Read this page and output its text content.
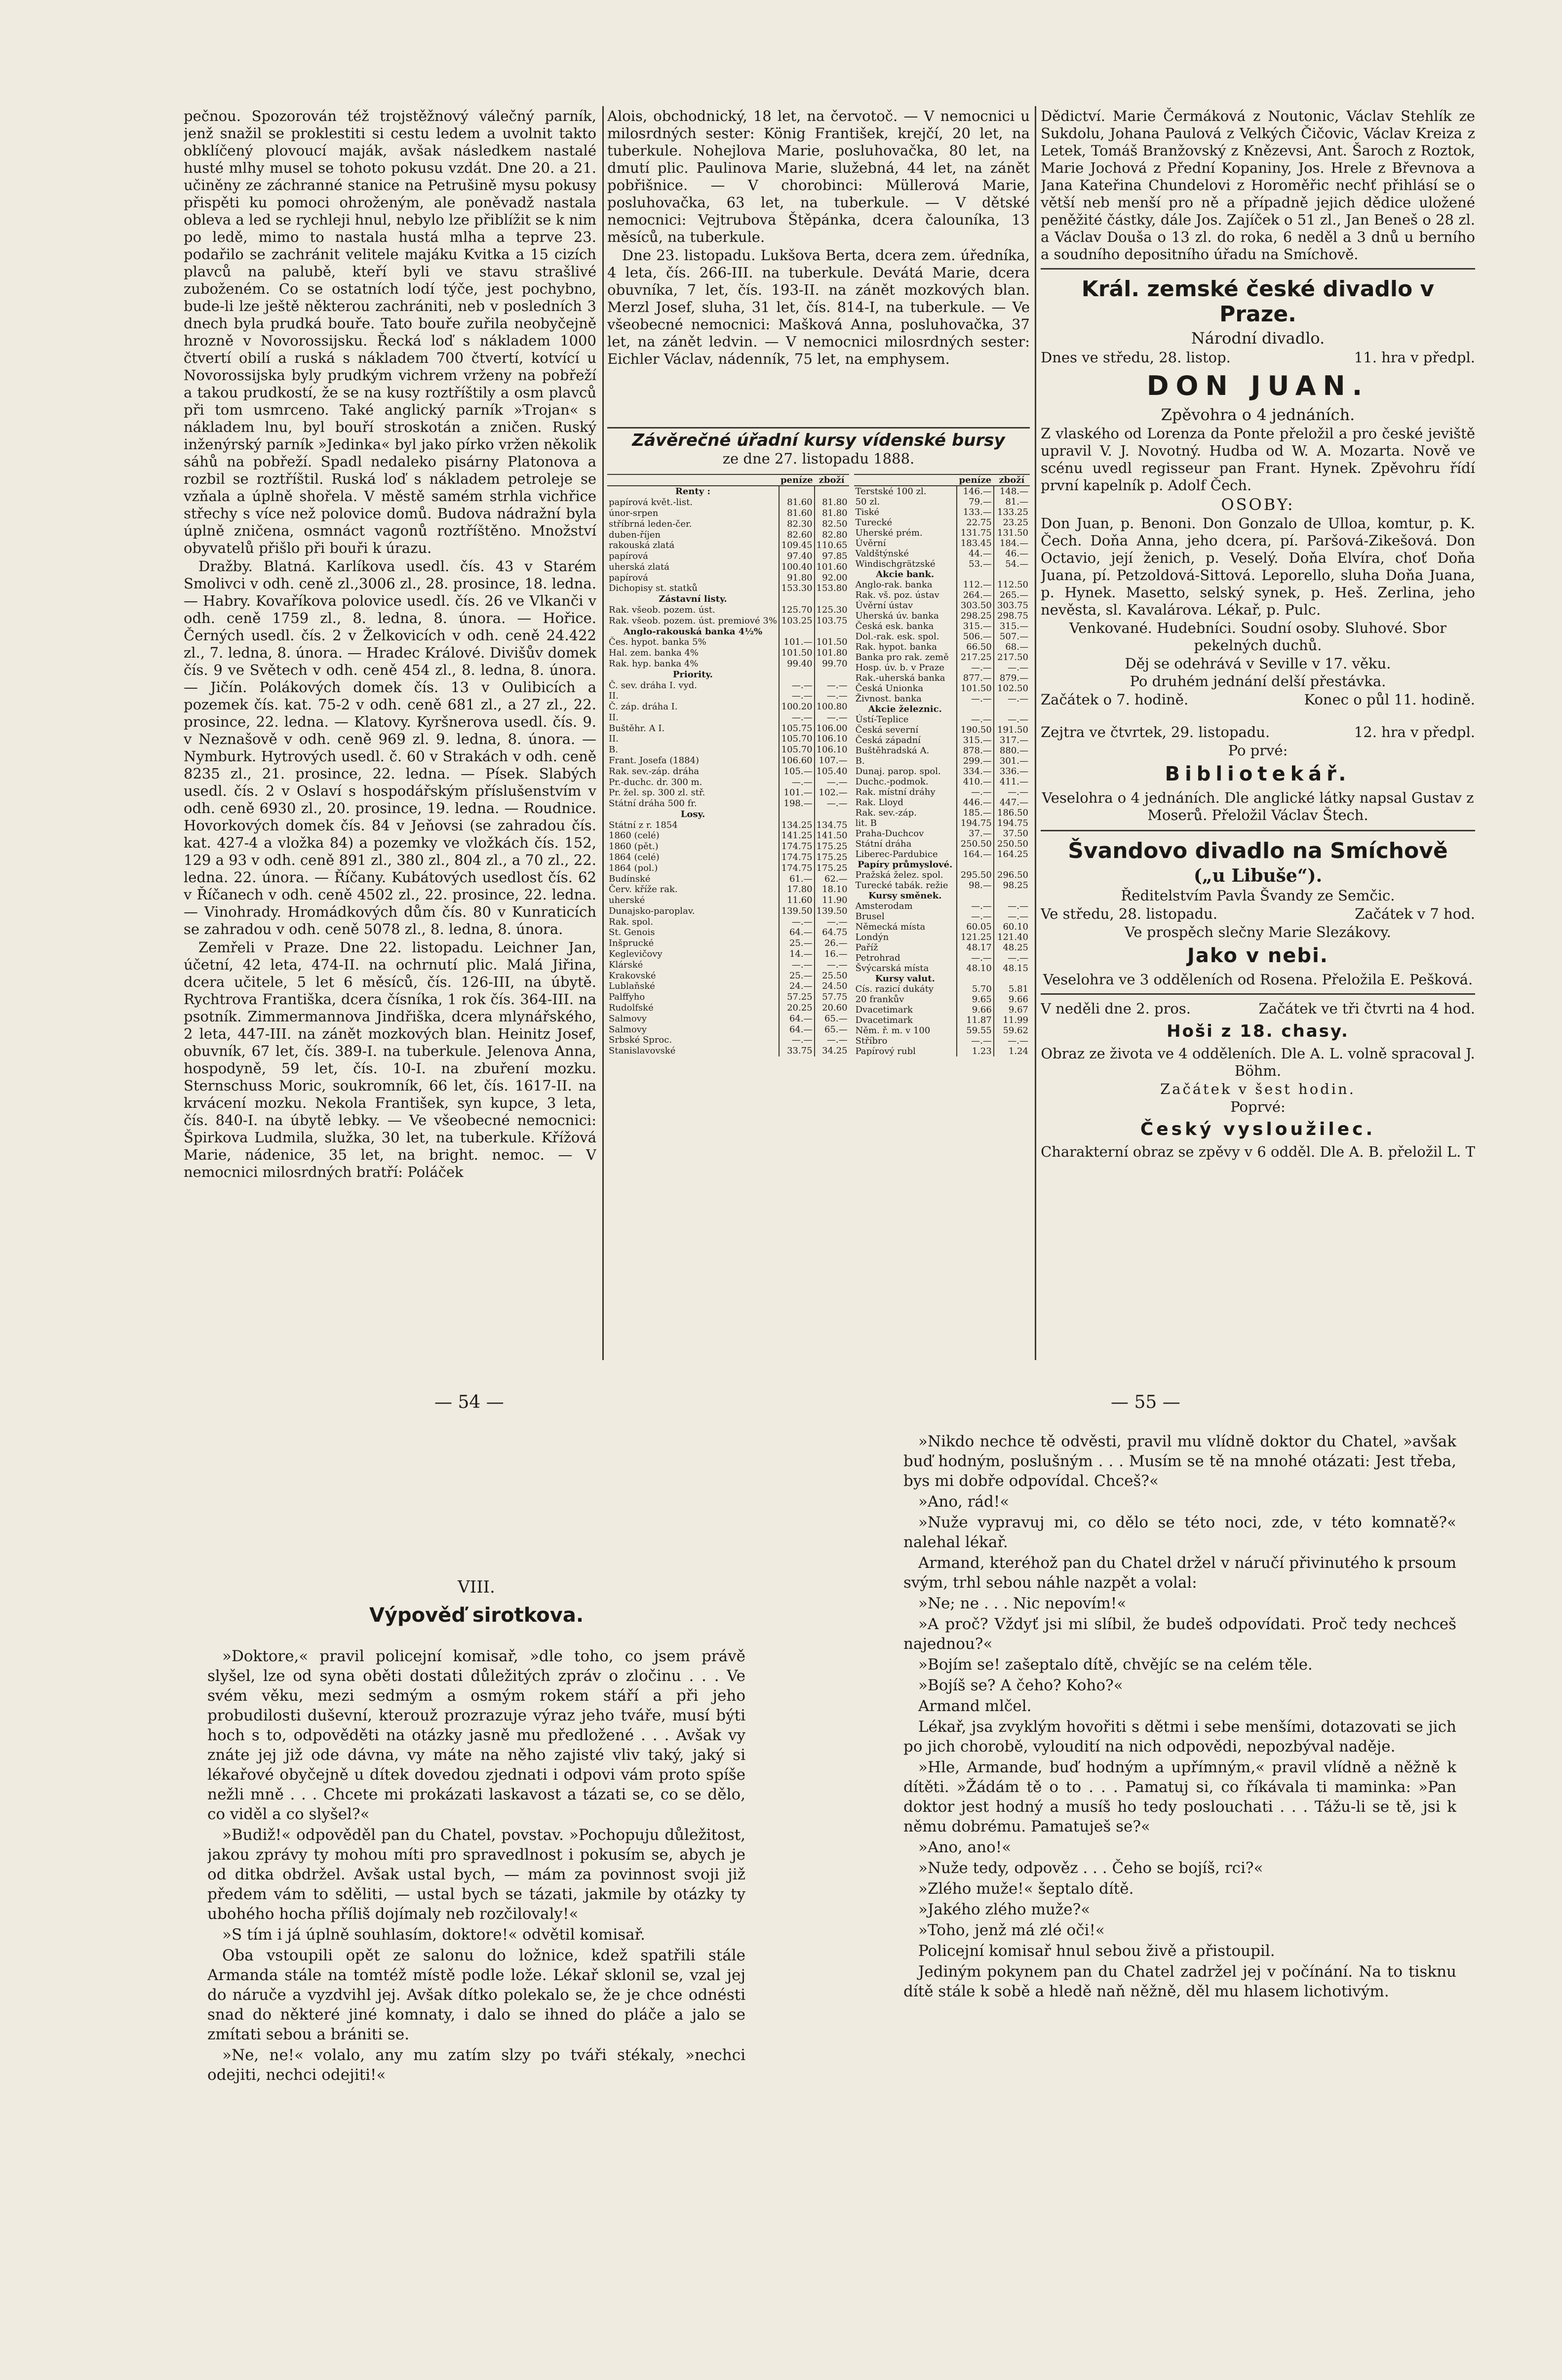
pečnou. Spozorován též trojstěžnový válečný parník, jenž snažil se proklestiti si cestu ledem a uvolnit takto obklíčený plovoucí maják, avšak následkem nastalé husté mlhy musel se tohoto pokusu vzdát. Dne 20. a 21. učiněny ze záchranné stanice na Petrušině mysu pokusy přispěti ku pomoci ohroženým, ale poněvadž nastala obleva a led se rychleji hnul, nebylo lze přiblížit se k nim po ledě, mimo to nastala hustá mlha a teprve 23. podařilo se zachránit velitele majáku Kvitka a 15 cizích plavců na palubě, kteří byli ve stavu strašlivé zuboženém. Co se ostatních lodí týče, jest pochybno, bude-li lze ještě některou zachrániti, neb v posledních 3 dnech byla prudká bouře. Tato bouře zuřila neobyčejně hrozně v Novorossijsku. Řecká loď s nákladem 1000 čtvertí obilí a ruská s nákladem 700 čtvertí, kotvící u Novorossijska byly prudkým vichrem vrženy na pobřeží a takou prudkostí, že se na kusy roztříštily a osm plavců při tom usmrceno. Také anglický parník »Trojan« s nákladem lnu, byl bouří stroskotán a zničen. Ruský inženýrský parník »Jedinka« byl jako pírko vržen několik sáhů na pobřeží. Spadl nedaleko pisárny Platonova a rozbil se roztříštil. Ruská loď s nákladem petroleje se vzňala a úplně shořela. V městě samém strhla vichřice střechy s více než polovice domů. Budova nádražní byla úplně zničena, osmnáct vagonů roztříštěno. Množství obyvatelů přišlo při bouři k úrazu.

Dražby. Blatná. Karlíkova usedl. čís. 43 v Starém Smolivci v odh. ceně zl.,3006 zl., 28. prosince, 18. ledna. — Habry. Kovaříkova polovice usedl. čís. 26 ve Vlkanči v odh. ceně 1759 zl., 8. ledna, 8. února. — Hořice. Černých usedl. čís. 2 v Želkovicích v odh. ceně 24.422 zl., 7. ledna, 8. února. — Hradec Králové. Divišův domek čís. 9 ve Světech v odh. ceně 454 zl., 8. ledna, 8. února. — Jičín. Polákových domek čís. 13 v Oulibicích a pozemek čís. kat. 75-2 v odh. ceně 681 zl., a 27 zl., 22. prosince, 22. ledna. — Klatovy. Kyršnerova usedl. čís. 9. v Neznašově v odh. ceně 969 zl. 9. ledna, 8. února. — Nymburk. Hytrových usedl. č. 60 v Strakách v odh. ceně 8235 zl., 21. prosince, 22. ledna. — Písek. Slabých usedl. čís. 2 v Oslaví s hospodářským příslušenstvím v odh. ceně 6930 zl., 20. prosince, 19. ledna. — Roudnice. Hovorkových domek čís. 84 v Jeňovsi (se zahradou čís. kat. 427-4 a vložka 84) a pozemky ve vložkách čís. 152, 129 a 93 v odh. ceně 891 zl., 380 zl., 804 zl., a 70 zl., 22. ledna. 22. února. — Říčany. Kubátových usedlost čís. 62 v Říčanech v odh. ceně 4502 zl., 22. prosince, 22. ledna. — Vinohrady. Hromádkových dům čís. 80 v Kunraticích se zahradou v odh. ceně 5078 zl., 8. ledna, 8. února.

Zemřeli v Praze. Dne 22. listopadu. Leichner Jan, účetní, 42 leta, 474-II. na ochrnutí plic. Malá Jiřina, dcera učitele, 5 let 6 měsíců, čís. 126-III, na úbytě. Rychtrova Františka, dcera čísníka, 1 rok čís. 364-III. na psotník. Zimmermannova Jindřiška, dcera mlynářského, 2 leta, 447-III. na zánět mozkových blan. Heinitz Josef, obuvník, 67 let, čís. 389-I. na tuberkule. Jelenova Anna, hospodyně, 59 let, čís. 10-I. na zbuření mozku. Sternschuss Moric, soukromník, 66 let, čís. 1617-II. na krvácení mozku. Nekola František, syn kupce, 3 leta, čís. 840-I. na úbytě lebky. — Ve všeobecné nemocnici: Špirkova Ludmila, služka, 30 let, na tuberkule. Křížová Marie, nádenice, 35 let, na bright. nemoc. — V nemocnici milosrdných bratří: Poláček

Alois, obchodnický, 18 let, na červotoč. — V nemocnici u milosrdných sester: König František, krejčí, 20 let, na tuberkule. Nohejlova Marie, posluhovačka, 80 let, na dmutí plic. Paulinova Marie, služebná, 44 let, na zánět pobřišnice. — V chorobinci: Müllerová Marie, posluhovačka, 63 let, na tuberkule. — V dětské nemocnici: Vejtrubova Štěpánka, dcera čalouníka, 13 měsíců, na tuberkule.

Dne 23. listopadu. Lukšova Berta, dcera zem. úředníka, 4 leta, čís. 266-III. na tuberkule. Devátá Marie, dcera obuvníka, 7 let, čís. 193-II. na zánět mozkových blan. Merzl Josef, sluha, 31 let, čís. 814-I, na tuberkule. — Ve všeobecné nemocnici: Mašková Anna, posluhovačka, 37 let, na zánět ledvin. — V nemocnici milosrdných sester: Eichler Václav, nádenník, 75 let, na emphysem.

Závěrečné úřadní kursy vídenské bursy
ze dne 27. listopadu 1888.
	peníze	zboží
Renty :		
papírová květ.-list.	81.60	81.80
únor-srpen	81.60	81.80
stříbrná leden-čer.	82.30	82.50
duben-říjen	82.60	82.80
rakouská zlatá	109.45	110.65
papírová	97.40	97.85
uherská zlatá	100.40	101.60
papírová	91.80	92.00
Dichopisy st. statků	153.30	153.80
Zástavní listy.		
Rak. všeob. pozem. úst.	125.70	125.30
Rak. všeob. pozem. úst. premiové 3%	103.25	103.75
Anglo-rakouská banka 4½%		
Čes. hypot. banka 5%	101.—	101.50
Hal. zem. banka 4%	101.50	101.80
Rak. hyp. banka 4%	99.40	99.70
Priority.		
Č. sev. dráha I. vyd.	—.—	—.—
II.	—.—	—.—
Č. záp. dráha I.	100.20	100.80
II.	—.—	—.—
Buštěhr. A I.	105.75	106.00
II.	105.70	106.10
B.	105.70	106.10
Frant. Josefa (1884)	106.60	107.—
Rak. sev.-záp. dráha	105.—	105.40
Pr.-duchc. dr. 300 m.	—.—	—.—
Pr. žel. sp. 300 zl. stř.	101.—	102.—
Státní dráha 500 fr.	198.—	—.—
Losy.		
Státní z r. 1854	134.25	134.75
1860 (celé)	141.25	141.50
1860 (pět.)	174.75	175.25
1864 (celé)	174.75	175.25
1864 (pol.)	174.75	175.25
Budínské	61.—	62.—
Červ. kříže rak.	17.80	18.10
uherské	11.60	11.90
Dunajsko-paroplav.	139.50	139.50
Rak. spol.	—.—	—.—
St. Genois	64.—	64.75
Inšprucké	25.—	26.—
Keglevičovy	14.—	16.—
Klárské	—.—	—.—
Krakovské	25.—	25.50
Lublaňské	24.—	24.50
Palffyho	57.25	57.75
Rudolfské	20.25	20.60
Salmovy	64.—	65.—
Salmovy	64.—	65.—
Srbské Sproc.	—.—	—.—
Stanislavovské	33.75	34.25
	peníze	zboží
Terstské 100 zl.	146.—	148.—
50 zl.	79.—	81.—
Tiské	133.—	133.25
Turecké	22.75	23.25
Uherské prém.	131.75	131.50
Úvěrní	183.45	184.—
Valdštýnské	44.—	46.—
Windischgrätzské	53.—	54.—
Akcie bank.		
Anglo-rak. banka	112.—	112.50
Rak. vš. poz. ústav	264.—	265.—
Úvěrní ústav	303.50	303.75
Uherská úv. banka	298.25	298.75
Česká esk. banka	315.—	315.—
Dol.-rak. esk. spol.	506.—	507.—
Rak. hypot. banka	66.50	68.—
Banka pro rak. země	217.25	217.50
Hosp. úv. b. v Praze	—.—	—.—
Rak.-uherská banka	877.—	879.—
Česká Unionka	101.50	102.50
Živnost. banka	—.—	—.—
Akcie železnic.		
Ústí-Teplice	—.—	—.—
Česká severní	190.50	191.50
Česká západní	315.—	317.—
Buštěhradská A.	878.—	880.—
B.	299.—	301.—
Dunaj. parop. spol.	334.—	336.—
Duchc.-podmok.	410.—	411.—
Rak. místní dráhy	—.—	—.—
Rak. Lloyd	446.—	447.—
Rak. sev.-záp.	185.—	186.50
lit. B	194.75	194.75
Praha-Duchcov	37.—	37.50
Státní dráha	250.50	250.50
Liberec-Pardubice	164.—	164.25
Papíry průmyslové.		
Pražská želez. spol.	295.50	296.50
Turecké tabák. režie	98.—	98.25
Kursy směnek.		
Amsterodam	—.—	—.—
Brusel	—.—	—.—
Německá místa	60.05	60.10
Londýn	121.25	121.40
Paříž	48.17	48.25
Petrohrad	—.—	—.—
Švýcarská místa	48.10	48.15
Kursy valut.		
Cís. razicí dukáty	5.70	5.81
20 frankův	9.65	9.66
Dvacetimark	9.66	9.67
Dvacetimark	11.87	11.99
Něm. ř. m. v 100	59.55	59.62
Stříbro	—.—	—.—
Papírový rubl	1.23	1.24

Dědictví. Marie Čermáková z Noutonic, Václav Stehlík ze Sukdolu, Johana Paulová z Velkých Čičovic, Václav Kreiza z Letek, Tomáš Branžovský z Knězevsi, Ant. Šaroch z Roztok, Marie Jochová z Přední Kopaniny, Jos. Hrele z Břevnova a Jana Kateřina Chundelovi z Horoměřic nechť přihlásí se o větší neb menší pro ně a případně jejich dědice uložené peněžité částky, dále Jos. Zajíček o 51 zl., Jan Beneš o 28 zl. a Václav Douša o 13 zl. do roka, 6 neděl a 3 dnů u berního a soudního depositního úřadu na Smíchově.

Král. zemské české divadlo v Praze.
Národní divadlo.
Dnes ve středu, 28. listop.	11. hra v předpl.
DON JUAN.
Zpěvohra o 4 jednáních.

Z vlaského od Lorenza da Ponte přeložil a pro české jeviště upravil V. J. Novotný. Hudba od W. A. Mozarta. Nově ve scénu uvedl regisseur pan Frant. Hynek. Zpěvohru řídí první kapelník p. Adolf Čech.

OSOBY:

Don Juan, p. Benoni. Don Gonzalo de Ulloa, komtur, p. K. Čech. Doňa Anna, jeho dcera, pí. Paršová-Zikešová. Don Octavio, její ženich, p. Veselý. Doňa Elvíra, choť Doňa Juana, pí. Petzoldová-Sittová. Leporello, sluha Doňa Juana, p. Hynek. Masetto, selský synek, p. Heš. Zerlina, jeho nevěsta, sl. Kavalárova. Lékař, p. Pulc.

Venkované. Hudebníci. Soudní osoby. Sluhové. Sbor pekelných duchů.

Děj se odehrává v Seville v 17. věku.
Po druhém jednání delší přestávka.
Začátek o 7. hodině.	Konec o půl 11. hodině.
Zejtra ve čtvrtek, 29. listopadu.	12. hra v předpl.
Po prvé:
Bibliotekář.

Veselohra o 4 jednáních. Dle anglické látky napsal Gustav z Moserů. Přeložil Václav Štech.

Švandovo divadlo na Smíchově
(„u Libuše“).
Ředitelstvím Pavla Švandy ze Semčic.
Ve středu, 28. listopadu.	Začátek v 7 hod.
Ve prospěch slečny Marie Slezákovy.
Jako v nebi.

Veselohra ve 3 odděleních od Rosena. Přeložila E. Pešková.

V neděli dne 2. pros.	Začátek ve tři čtvrti na 4 hod.
Hoši z 18. chasy.

Obraz ze života ve 4 odděleních. Dle A. L. volně spracoval J. Böhm.

Začátek v šest hodin.
Poprvé:
Český vysloužilec.

Charakterní obraz se zpěvy v 6 odděl. Dle A. B. přeložil L. T

— 54 —	— 55 —
VIII.
Výpověď sirotkova.

»Doktore,« pravil policejní komisař, »dle toho, co jsem právě slyšel, lze od syna oběti dostati důležitých zpráv o zločinu . . . Ve svém věku, mezi sedmým a osmým rokem stáří a při jeho probudilosti duševní, kterouž prozrazuje výraz jeho tváře, musí býti hoch s to, odpověděti na otázky jasně mu předložené . . . Avšak vy znáte jej již ode dávna, vy máte na něho zajisté vliv taký, jaký si lékařové obyčejně u dítek dovedou zjednati i odpovi vám proto spíše nežli mně . . . Chcete mi prokázati laskavost a tázati se, co se dělo, co viděl a co slyšel?«

»Budiž!« odpověděl pan du Chatel, povstav. »Pochopuju důležitost, jakou zprávy ty mohou míti pro spravedlnost i pokusím se, abych je od ditka obdržel. Avšak ustal bych, — mám za povinnost svoji již předem vám to sděliti, — ustal bych se tázati, jakmile by otázky ty ubohého hocha příliš dojímaly neb rozčilovaly!«

»S tím i já úplně souhlasím, doktore!« odvětil komisař.

Oba vstoupili opět ze salonu do ložnice, kdež spatřili stále Armanda stále na tomtéž místě podle lože. Lékař sklonil se, vzal jej do náruče a vyzdvihl jej. Avšak dítko polekalo se, že je chce odnésti snad do některé jiné komnaty, i dalo se ihned do pláče a jalo se zmítati sebou a brániti se.

»Ne, ne!« volalo, any mu zatím slzy po tváři stékaly, »nechci odejiti, nechci odejiti!«

»Nikdo nechce tě odvěsti, pravil mu vlídně doktor du Chatel, »avšak buď hodným, poslušným . . . Musím se tě na mnohé otázati: Jest třeba, bys mi dobře odpovídal. Chceš?«

»Ano, rád!«

»Nuže vypravuj mi, co dělo se této noci, zde, v této komnatě?« nalehal lékař.

Armand, kteréhož pan du Chatel držel v náručí přivinutého k prsoum svým, trhl sebou náhle nazpět a volal:

»Ne; ne . . . Nic nepovím!«

»A proč? Vždyť jsi mi slíbil, že budeš odpovídati. Proč tedy nechceš najednou?«

»Bojím se! zašeptalo dítě, chvějíc se na celém těle.

»Bojíš se? A čeho? Koho?«

Armand mlčel.

Lékař, jsa zvyklým hovořiti s dětmi i sebe menšími, dotazovati se jich po jich chorobě, vyloudití na nich odpovědi, nepozbýval naděje.

»Hle, Armande, buď hodným a upřímným,« pravil vlídně a něžně k dítěti. »Žádám tě o to . . . Pamatuj si, co říkávala ti maminka: »Pan doktor jest hodný a musíš ho tedy poslouchati . . . Tážu-li se tě, jsi k němu dobrému. Pamatuješ se?«

»Ano, ano!«

»Nuže tedy, odpověz . . . Čeho se bojíš, rci?«

»Zlého muže!« šeptalo dítě.

»Jakého zlého muže?«

»Toho, jenž má zlé oči!«

Policejní komisař hnul sebou živě a přistoupil.

Jediným pokynem pan du Chatel zadržel jej v počínání. Na to tisknu dítě stále k sobě a hledě naň něžně, děl mu hlasem lichotivým.
